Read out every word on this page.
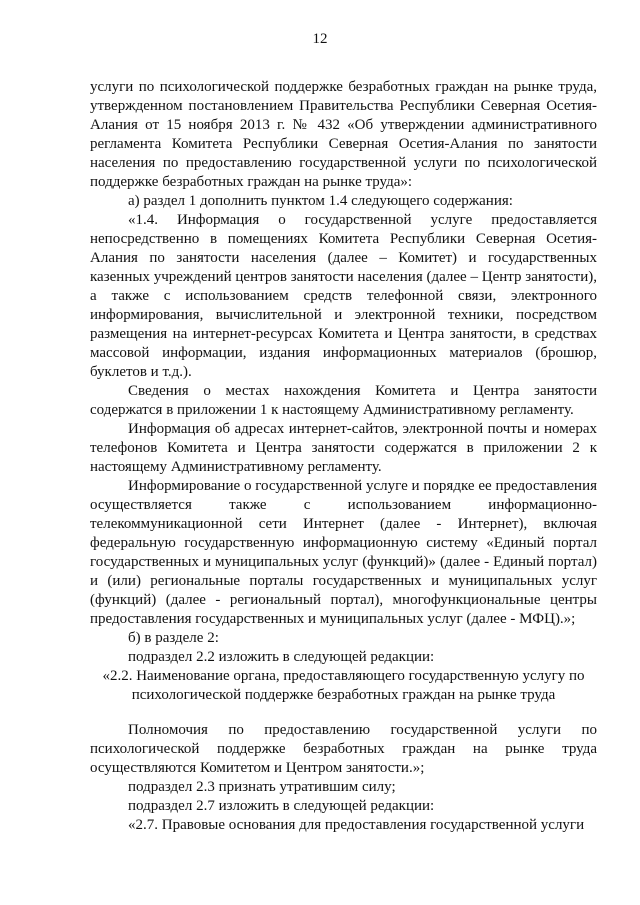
12

услуги по психологической поддержке безработных граждан на рынке труда, утвержденном постановлением Правительства Республики Северная Осетия-Алания от 15 ноября 2013 г. № 432 «Об утверждении административного регламента Комитета Республики Северная Осетия-Алания по занятости населения по предоставлению государственной услуги по психологической поддержке безработных граждан на рынке труда»:

а) раздел 1 дополнить пунктом 1.4 следующего содержания:

«1.4. Информация о государственной услуге предоставляется непосредственно в помещениях Комитета Республики Северная Осетия-Алания по занятости населения (далее – Комитет) и государственных казенных учреждений центров занятости населения (далее – Центр занятости), а также с использованием средств телефонной связи, электронного информирования, вычислительной и электронной техники, посредством размещения на интернет-ресурсах Комитета и Центра занятости, в средствах массовой информации, издания информационных материалов (брошюр, буклетов и т.д.).

Сведения о местах нахождения Комитета и Центра занятости содержатся в приложении 1 к настоящему Административному регламенту.

Информация об адресах интернет-сайтов, электронной почты и номерах телефонов Комитета и Центра занятости содержатся в приложении 2 к настоящему Административному регламенту.

Информирование о государственной услуге и порядке ее предоставления осуществляется также с использованием информационно-телекоммуникационной сети Интернет (далее - Интернет), включая федеральную государственную информационную систему «Единый портал государственных и муниципальных услуг (функций)» (далее - Единый портал) и (или) региональные порталы государственных и муниципальных услуг (функций) (далее - региональный портал), многофункциональные центры предоставления государственных и муниципальных услуг (далее - МФЦ).»;

б) в разделе 2:

подраздел 2.2 изложить в следующей редакции:

«2.2. Наименование органа, предоставляющего государственную услугу по психологической поддержке безработных граждан на рынке труда

Полномочия по предоставлению государственной услуги по психологической поддержке безработных граждан на рынке труда осуществляются Комитетом и Центром занятости.»;

подраздел 2.3 признать утратившим силу;

подраздел 2.7 изложить в следующей редакции:

«2.7. Правовые основания для предоставления государственной услуги
